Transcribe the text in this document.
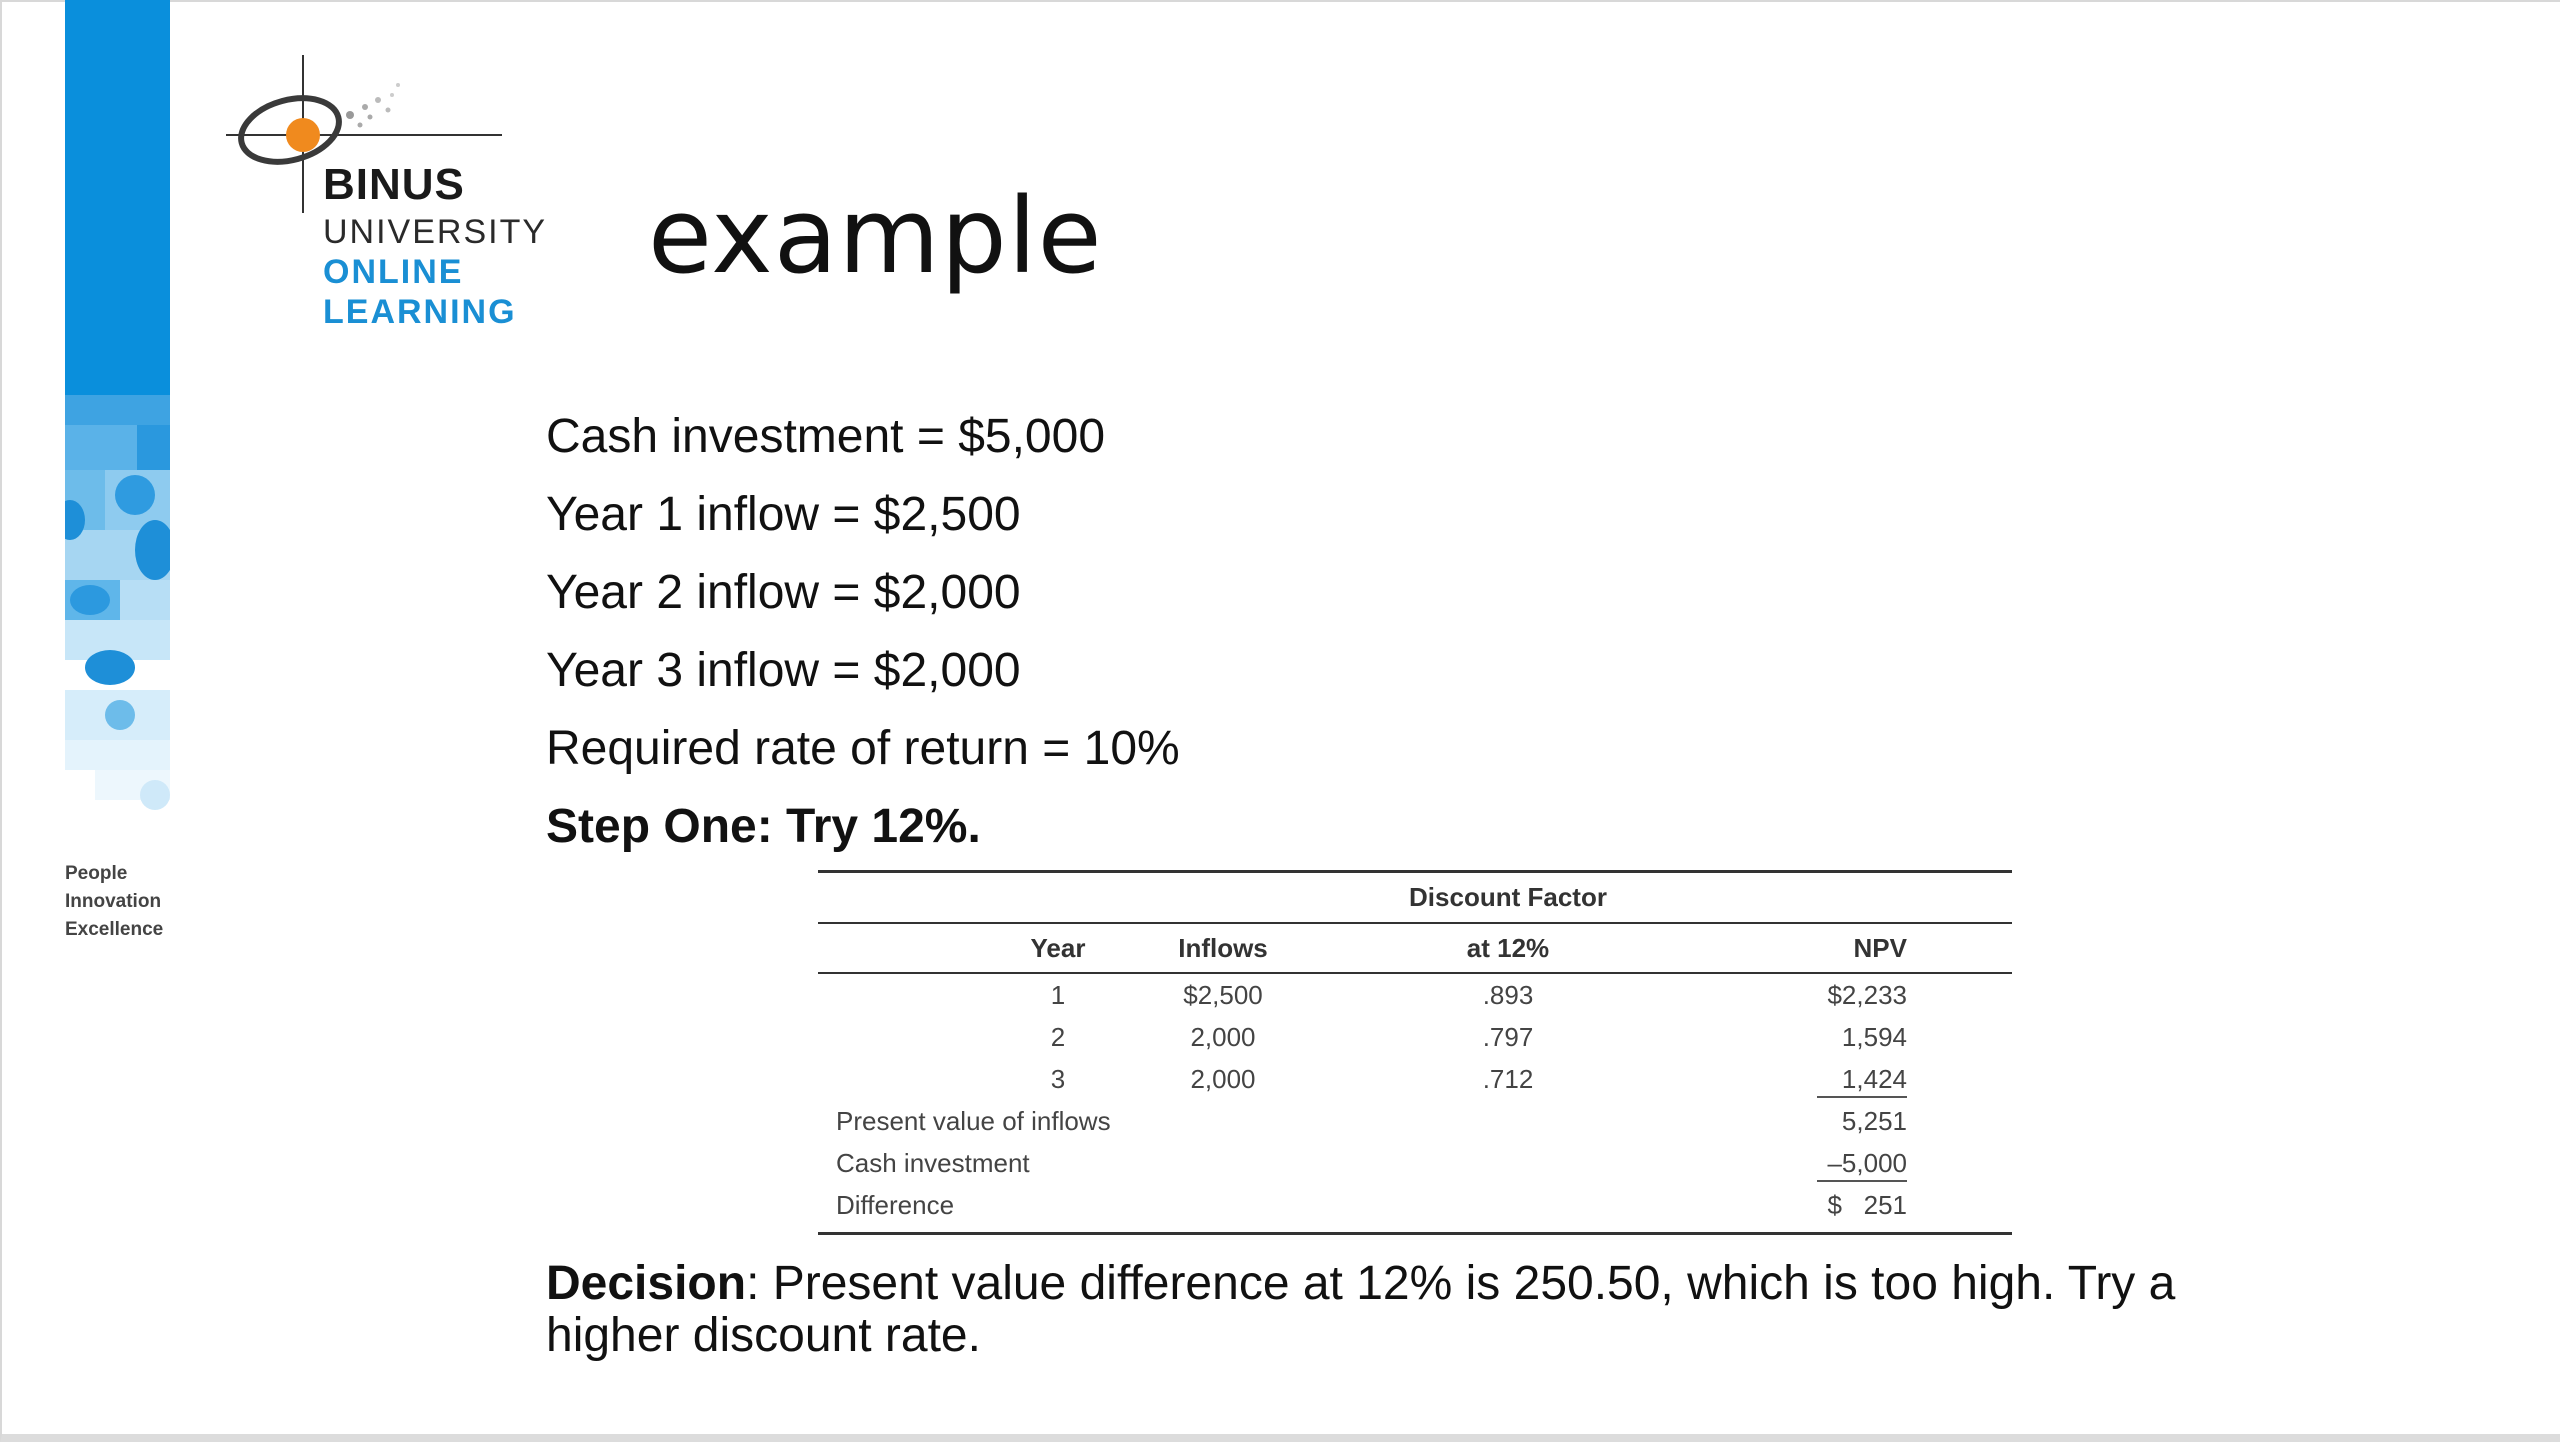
People
Innovation
Excellence
BINUS
UNIVERSITY
ONLINE
LEARNING
example
Cash investment = $5,000
Year 1 inflow = $2,500
Year 2 inflow = $2,000
Year 3 inflow = $2,000
Required rate of return = 10%
Step One: Try 12%.
Discount Factor
Year	Inflows	at 12%	NPV
1	$2,500	.893	$2,233
2	2,000	.797	1,594
3	2,000	.712	1,424
Present value of inflows	5,251
Cash investment	–5,000
Difference	$   251
Decision: Present value difference at 12% is 250.50, which is too high. Try a higher discount rate.
